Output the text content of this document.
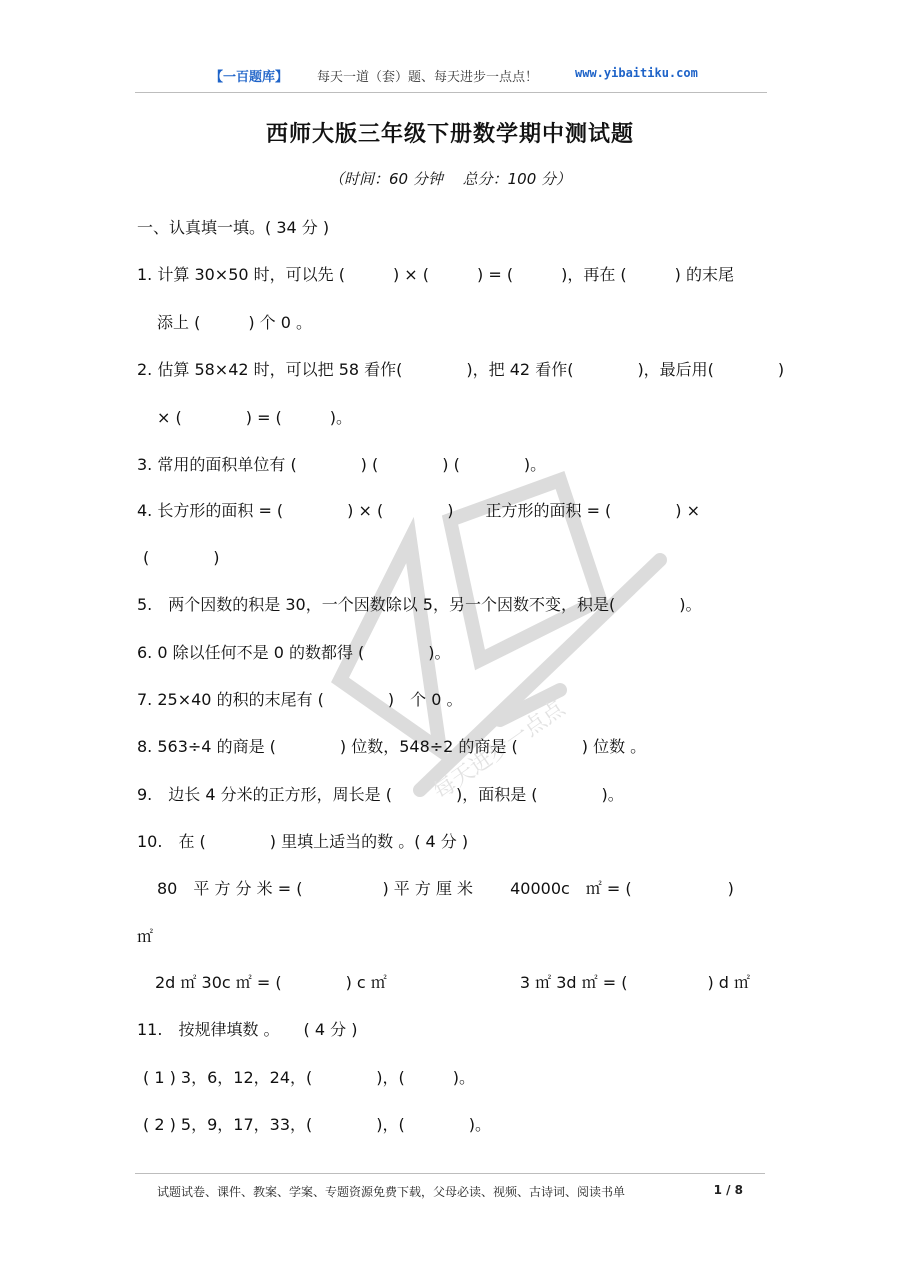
【一百题库】 每天一道（套）题、每天进步一点点！	www.yibaitiku.com
每天进步一点点
西师大版三年级下册数学期中测试题
（时间：60 分钟　 总分：100 分）
一、认真填一填。( 34 分 )
1. 计算 30×50 时，可以先 (　　　) × (　　　) = (　　　)，再在 (　　　) 的末尾
添上 (　　　) 个 0 。
2. 估算 58×42 时，可以把 58 看作(　　　　)，把 42 看作(　　　　)，最后用(　　　　)
× (　　　　) = (　　　)。
3. 常用的面积单位有 (　　　　) (　　　　) (　　　　)。
4. 长方形的面积 = (　　　　) × (　　　　)　　正方形的面积 = (　　　　) ×
(　　　　)
5.　两个因数的积是 30，一个因数除以 5，另一个因数不变，积是(　　　　)。
6. 0 除以任何不是 0 的数都得 (　　　　)。
7. 25×40 的积的末尾有 (　　　　)　个 0 。
8. 563÷4 的商是 (　　　　) 位数，548÷2 的商是 (　　　　) 位数 。
9.　边长 4 分米的正方形，周长是 (　　　　)，面积是 (　　　　)。
10.　在 (　　　　) 里填上适当的数 。( 4 分 )
80　平 方 分 米 = (　　　　　) 平 方 厘 米　　 40000c　㎡ = (　　　　　　)
㎡
2d ㎡ 30c ㎡ = (　　　　) c ㎡　　　　　　　　 3 ㎡ 3d ㎡ = (　　　　　) d ㎡
11.　按规律填数 。　　( 4 分 )
( 1 ) 3，6，12，24，(　　　　)，(　　　)。
( 2 ) 5，9，17，33，(　　　　)，(　　　　)。
试题试卷、课件、教案、学案、专题资源免费下载，父母必读、视频、古诗词、阅读书单	1 / 8
